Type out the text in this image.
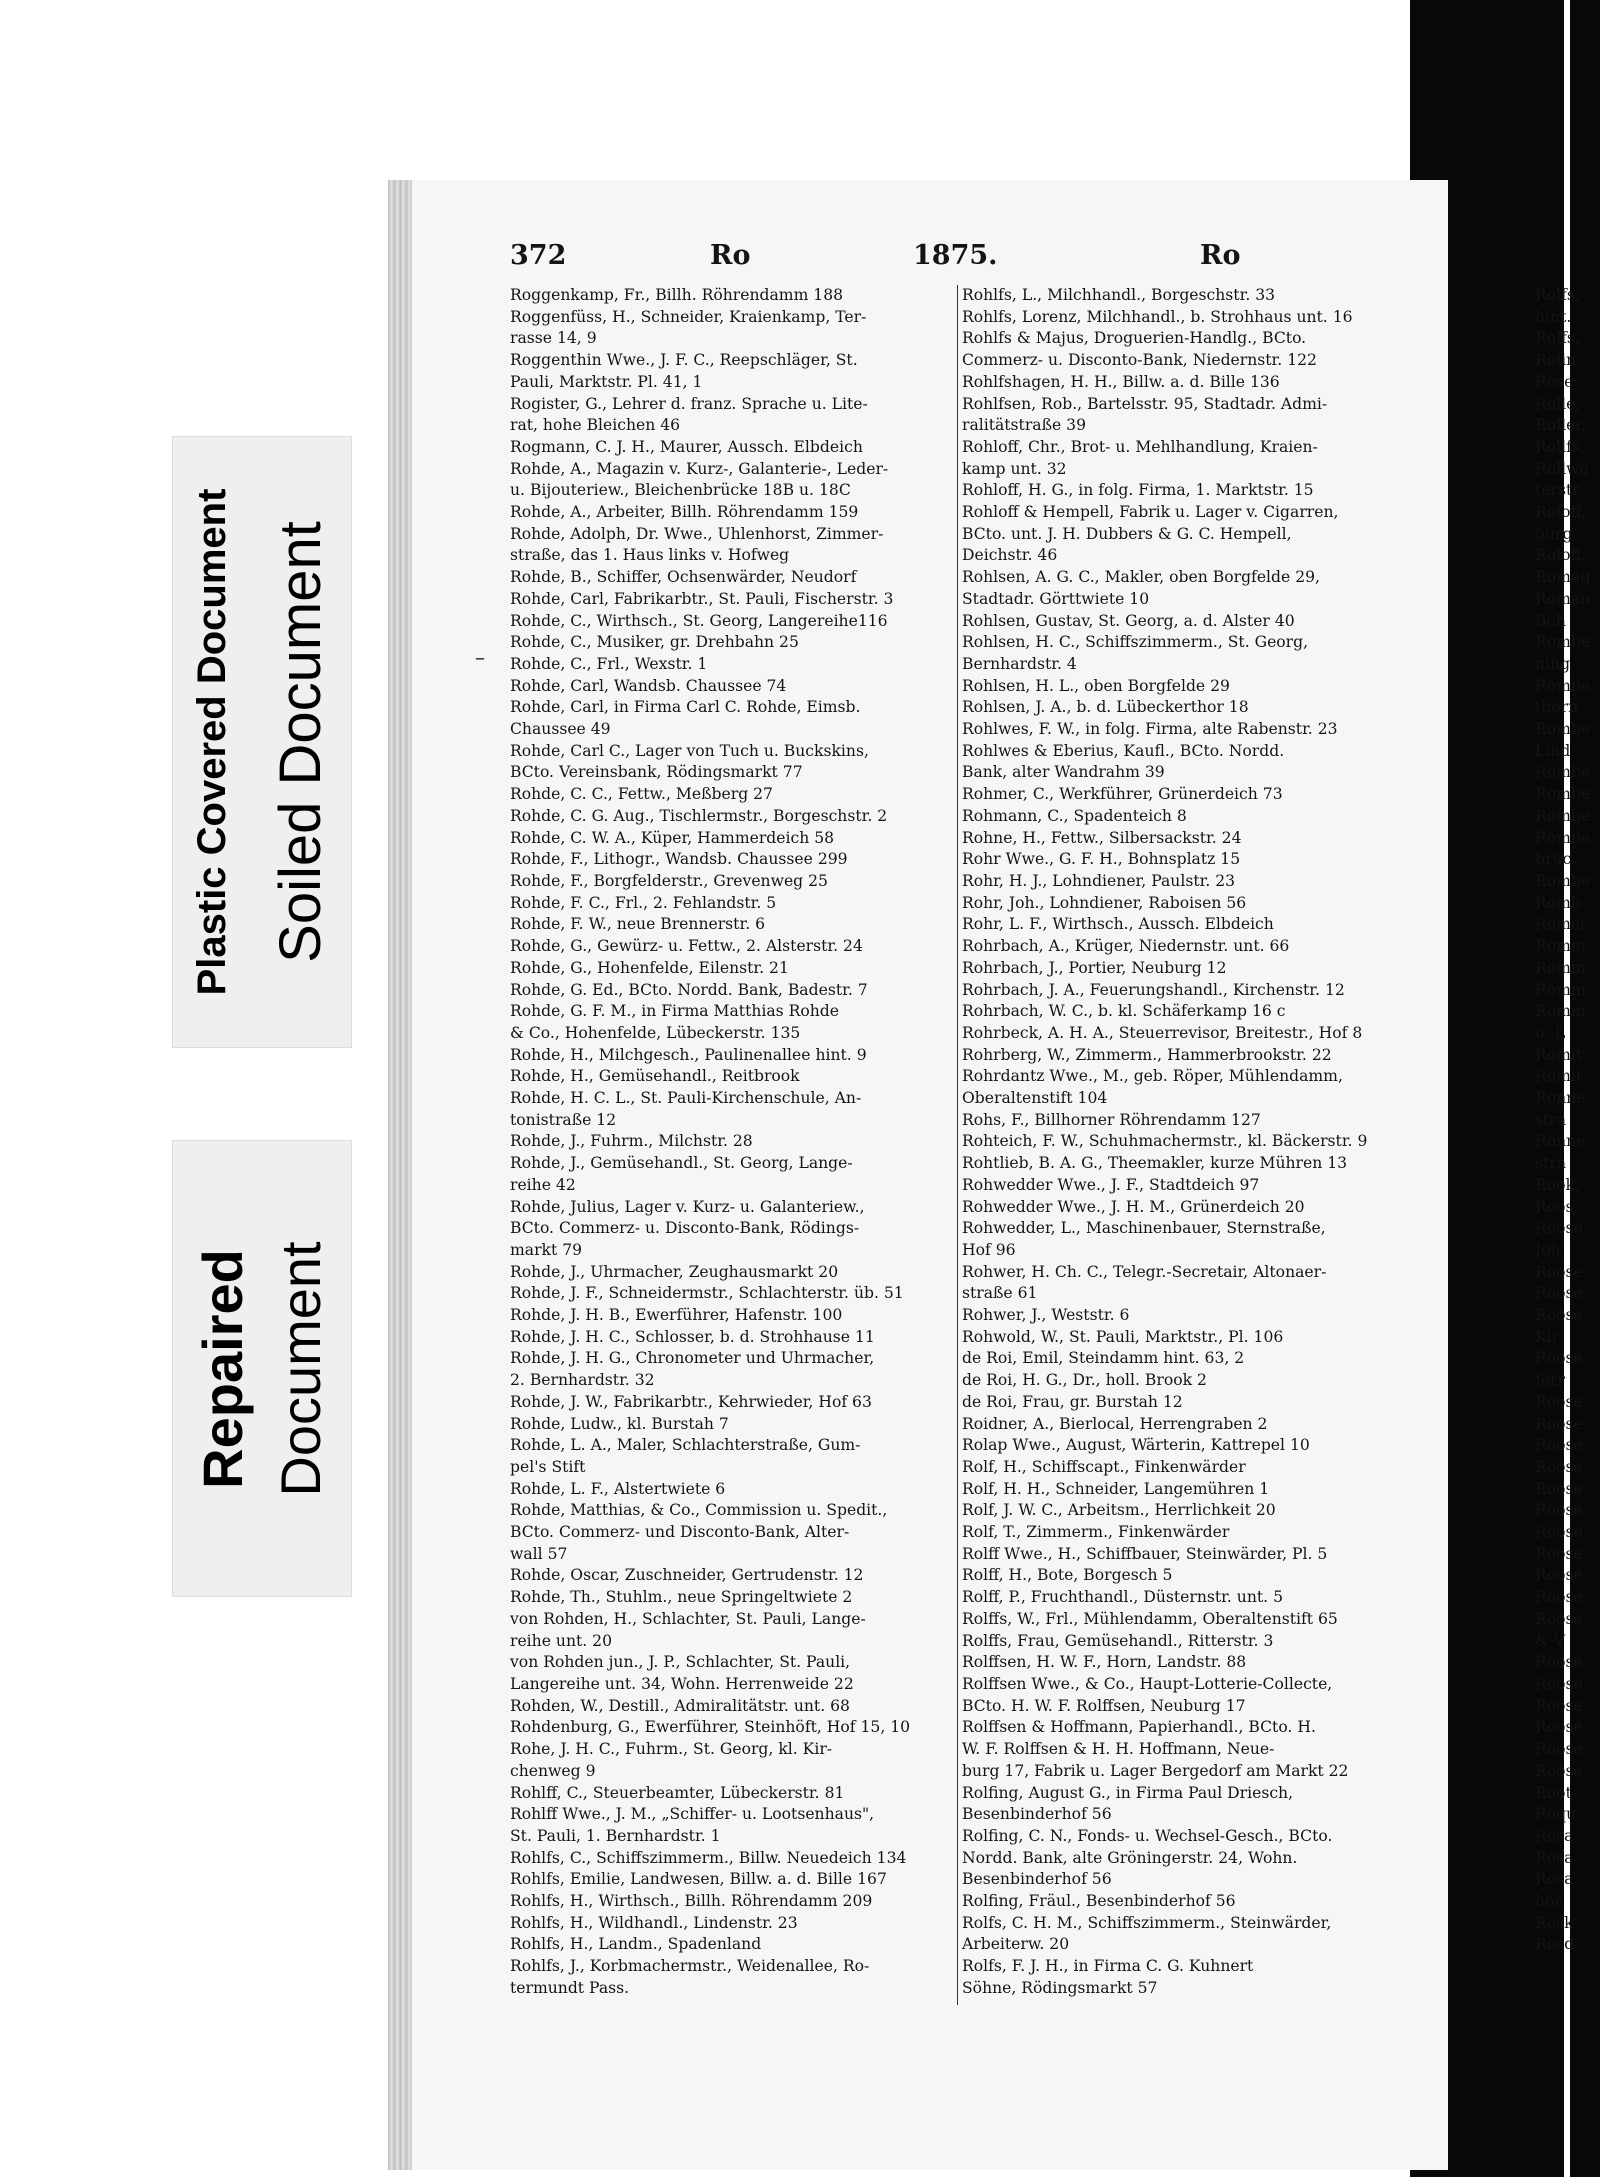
Plastic Covered Document Soiled Document
Repaired Document
372	Ro	1875.	Ro
–
Roggenkamp, Fr., Billh. Röhrendamm 188
Roggenfüss, H., Schneider, Kraienkamp, Ter-
rasse 14, 9
Roggenthin Wwe., J. F. C., Reepschläger, St.
Pauli, Marktstr. Pl. 41, 1
Rogister, G., Lehrer d. franz. Sprache u. Lite-
rat, hohe Bleichen 46
Rogmann, C. J. H., Maurer, Aussch. Elbdeich
Rohde, A., Magazin v. Kurz-, Galanterie-, Leder-
u. Bijouteriew., Bleichenbrücke 18B u. 18C
Rohde, A., Arbeiter, Billh. Röhrendamm 159
Rohde, Adolph, Dr. Wwe., Uhlenhorst, Zimmer-
straße, das 1. Haus links v. Hofweg
Rohde, B., Schiffer, Ochsenwärder, Neudorf
Rohde, Carl, Fabrikarbtr., St. Pauli, Fischerstr. 3
Rohde, C., Wirthsch., St. Georg, Langereihe116
Rohde, C., Musiker, gr. Drehbahn 25
Rohde, C., Frl., Wexstr. 1
Rohde, Carl, Wandsb. Chaussee 74
Rohde, Carl, in Firma Carl C. Rohde, Eimsb.
Chaussee 49
Rohde, Carl C., Lager von Tuch u. Buckskins,
BCto. Vereinsbank, Rödingsmarkt 77
Rohde, C. C., Fettw., Meßberg 27
Rohde, C. G. Aug., Tischlermstr., Borgeschstr. 2
Rohde, C. W. A., Küper, Hammerdeich 58
Rohde, F., Lithogr., Wandsb. Chaussee 299
Rohde, F., Borgfelderstr., Grevenweg 25
Rohde, F. C., Frl., 2. Fehlandstr. 5
Rohde, F. W., neue Brennerstr. 6
Rohde, G., Gewürz- u. Fettw., 2. Alsterstr. 24
Rohde, G., Hohenfelde, Eilenstr. 21
Rohde, G. Ed., BCto. Nordd. Bank, Badestr. 7
Rohde, G. F. M., in Firma Matthias Rohde
& Co., Hohenfelde, Lübeckerstr. 135
Rohde, H., Milchgesch., Paulinenallee hint. 9
Rohde, H., Gemüsehandl., Reitbrook
Rohde, H. C. L., St. Pauli-Kirchenschule, An-
tonistraße 12
Rohde, J., Fuhrm., Milchstr. 28
Rohde, J., Gemüsehandl., St. Georg, Lange-
reihe 42
Rohde, Julius, Lager v. Kurz- u. Galanteriew.,
BCto. Commerz- u. Disconto-Bank, Rödings-
markt 79
Rohde, J., Uhrmacher, Zeughausmarkt 20
Rohde, J. F., Schneidermstr., Schlachterstr. üb. 51
Rohde, J. H. B., Ewerführer, Hafenstr. 100
Rohde, J. H. C., Schlosser, b. d. Strohhause 11
Rohde, J. H. G., Chronometer und Uhrmacher,
2. Bernhardstr. 32
Rohde, J. W., Fabrikarbtr., Kehrwieder, Hof 63
Rohde, Ludw., kl. Burstah 7
Rohde, L. A., Maler, Schlachterstraße, Gum-
pel's Stift
Rohde, L. F., Alstertwiete 6
Rohde, Matthias, & Co., Commission u. Spedit.,
BCto. Commerz- und Disconto-Bank, Alter-
wall 57
Rohde, Oscar, Zuschneider, Gertrudenstr. 12
Rohde, Th., Stuhlm., neue Springeltwiete 2
von Rohden, H., Schlachter, St. Pauli, Lange-
reihe unt. 20
von Rohden jun., J. P., Schlachter, St. Pauli,
Langereihe unt. 34, Wohn. Herrenweide 22
Rohden, W., Destill., Admiralitätstr. unt. 68
Rohdenburg, G., Ewerführer, Steinhöft, Hof 15, 10
Rohe, J. H. C., Fuhrm., St. Georg, kl. Kir-
chenweg 9
Rohlff, C., Steuerbeamter, Lübeckerstr. 81
Rohlff Wwe., J. M., „Schiffer- u. Lootsenhaus",
St. Pauli, 1. Bernhardstr. 1
Rohlfs, C., Schiffszimmerm., Billw. Neuedeich 134
Rohlfs, Emilie, Landwesen, Billw. a. d. Bille 167
Rohlfs, H., Wirthsch., Billh. Röhrendamm 209
Rohlfs, H., Wildhandl., Lindenstr. 23
Rohlfs, H., Landm., Spadenland
Rohlfs, J., Korbmachermstr., Weidenallee, Ro-
termundt Pass.
Rohlfs, L., Milchhandl., Borgeschstr. 33
Rohlfs, Lorenz, Milchhandl., b. Strohhaus unt. 16
Rohlfs & Majus, Droguerien-Handlg., BCto.
Commerz- u. Disconto-Bank, Niedernstr. 122
Rohlfshagen, H. H., Billw. a. d. Bille 136
Rohlfsen, Rob., Bartelsstr. 95, Stadtadr. Admi-
ralitätstraße 39
Rohloff, Chr., Brot- u. Mehlhandlung, Kraien-
kamp unt. 32
Rohloff, H. G., in folg. Firma, 1. Marktstr. 15
Rohloff & Hempell, Fabrik u. Lager v. Cigarren,
BCto. unt. J. H. Dubbers & G. C. Hempell,
Deichstr. 46
Rohlsen, A. G. C., Makler, oben Borgfelde 29,
Stadtadr. Görttwiete 10
Rohlsen, Gustav, St. Georg, a. d. Alster 40
Rohlsen, H. C., Schiffszimmerm., St. Georg,
Bernhardstr. 4
Rohlsen, H. L., oben Borgfelde 29
Rohlsen, J. A., b. d. Lübeckerthor 18
Rohlwes, F. W., in folg. Firma, alte Rabenstr. 23
Rohlwes & Eberius, Kaufl., BCto. Nordd.
Bank, alter Wandrahm 39
Rohmer, C., Werkführer, Grünerdeich 73
Rohmann, C., Spadenteich 8
Rohne, H., Fettw., Silbersackstr. 24
Rohr Wwe., G. F. H., Bohnsplatz 15
Rohr, H. J., Lohndiener, Paulstr. 23
Rohr, Joh., Lohndiener, Raboisen 56
Rohr, L. F., Wirthsch., Aussch. Elbdeich
Rohrbach, A., Krüger, Niedernstr. unt. 66
Rohrbach, J., Portier, Neuburg 12
Rohrbach, J. A., Feuerungshandl., Kirchenstr. 12
Rohrbach, W. C., b. kl. Schäferkamp 16 c
Rohrbeck, A. H. A., Steuerrevisor, Breitestr., Hof 8
Rohrberg, W., Zimmerm., Hammerbrookstr. 22
Rohrdantz Wwe., M., geb. Röper, Mühlendamm,
Oberaltenstift 104
Rohs, F., Billhorner Röhrendamm 127
Rohteich, F. W., Schuhmachermstr., kl. Bäckerstr. 9
Rohtlieb, B. A. G., Theemakler, kurze Mühren 13
Rohwedder Wwe., J. F., Stadtdeich 97
Rohwedder Wwe., J. H. M., Grünerdeich 20
Rohwedder, L., Maschinenbauer, Sternstraße,
Hof 96
Rohwer, H. Ch. C., Telegr.-Secretair, Altonaer-
straße 61
Rohwer, J., Weststr. 6
Rohwold, W., St. Pauli, Marktstr., Pl. 106
de Roi, Emil, Steindamm hint. 63, 2
de Roi, H. G., Dr., holl. Brook 2
de Roi, Frau, gr. Burstah 12
Roidner, A., Bierlocal, Herrengraben 2
Rolap Wwe., August, Wärterin, Kattrepel 10
Rolf, H., Schiffscapt., Finkenwärder
Rolf, H. H., Schneider, Langemühren 1
Rolf, J. W. C., Arbeitsm., Herrlichkeit 20
Rolf, T., Zimmerm., Finkenwärder
Rolff Wwe., H., Schiffbauer, Steinwärder, Pl. 5
Rolff, H., Bote, Borgesch 5
Rolff, P., Fruchthandl., Düsternstr. unt. 5
Rolffs, W., Frl., Mühlendamm, Oberaltenstift 65
Rolffs, Frau, Gemüsehandl., Ritterstr. 3
Rolffsen, H. W. F., Horn, Landstr. 88
Rolffsen Wwe., & Co., Haupt-Lotterie-Collecte,
BCto. H. W. F. Rolffsen, Neuburg 17
Rolffsen & Hoffmann, Papierhandl., BCto. H.
W. F. Rolffsen & H. H. Hoffmann, Neue-
burg 17, Fabrik u. Lager Bergedorf am Markt 22
Rolfing, August G., in Firma Paul Driesch,
Besenbinderhof 56
Rolfing, C. N., Fonds- u. Wechsel-Gesch., BCto.
Nordd. Bank, alte Gröningerstr. 24, Wohn.
Besenbinderhof 56
Rolfing, Fräul., Besenbinderhof 56
Rolfs, C. H. M., Schiffszimmerm., Steinwärder,
Arbeiterw. 20
Rolfs, F. J. H., in Firma C. G. Kuhnert
Söhne, Rödingsmarkt 57
Rolfs,
hint.
Rolfs,
Rolin,
Rose
Rolle,
Roller,
Rollfs,
Rollwa
terstr
Roloff,
burg
Roloff,
Romag
Roman
Boh
Rombe
ning
Rombe
thorn
Rombe
Lind
Rombe
Rombe
Rombe
Rombe
brüc
Rombe
Romb
Romei
Romm
Romm
Romm
Romm
u. L
Romit
Romit
Ronne
stra
Ronne
stra
Rook,
Roos,
Roose
Joh
Roose
Roose
Roose
Kir
Roose
ferr
Roose
Roose
Roose
Roose
Roose
Roose
Roose
Roose
Roose
Roose
Roose
& V
Roose
Roose
Roose
Roose
Roose
Roose
Root
Roqu
Rosa
Rosa
Rosa
hor
Rosk
Rosd
